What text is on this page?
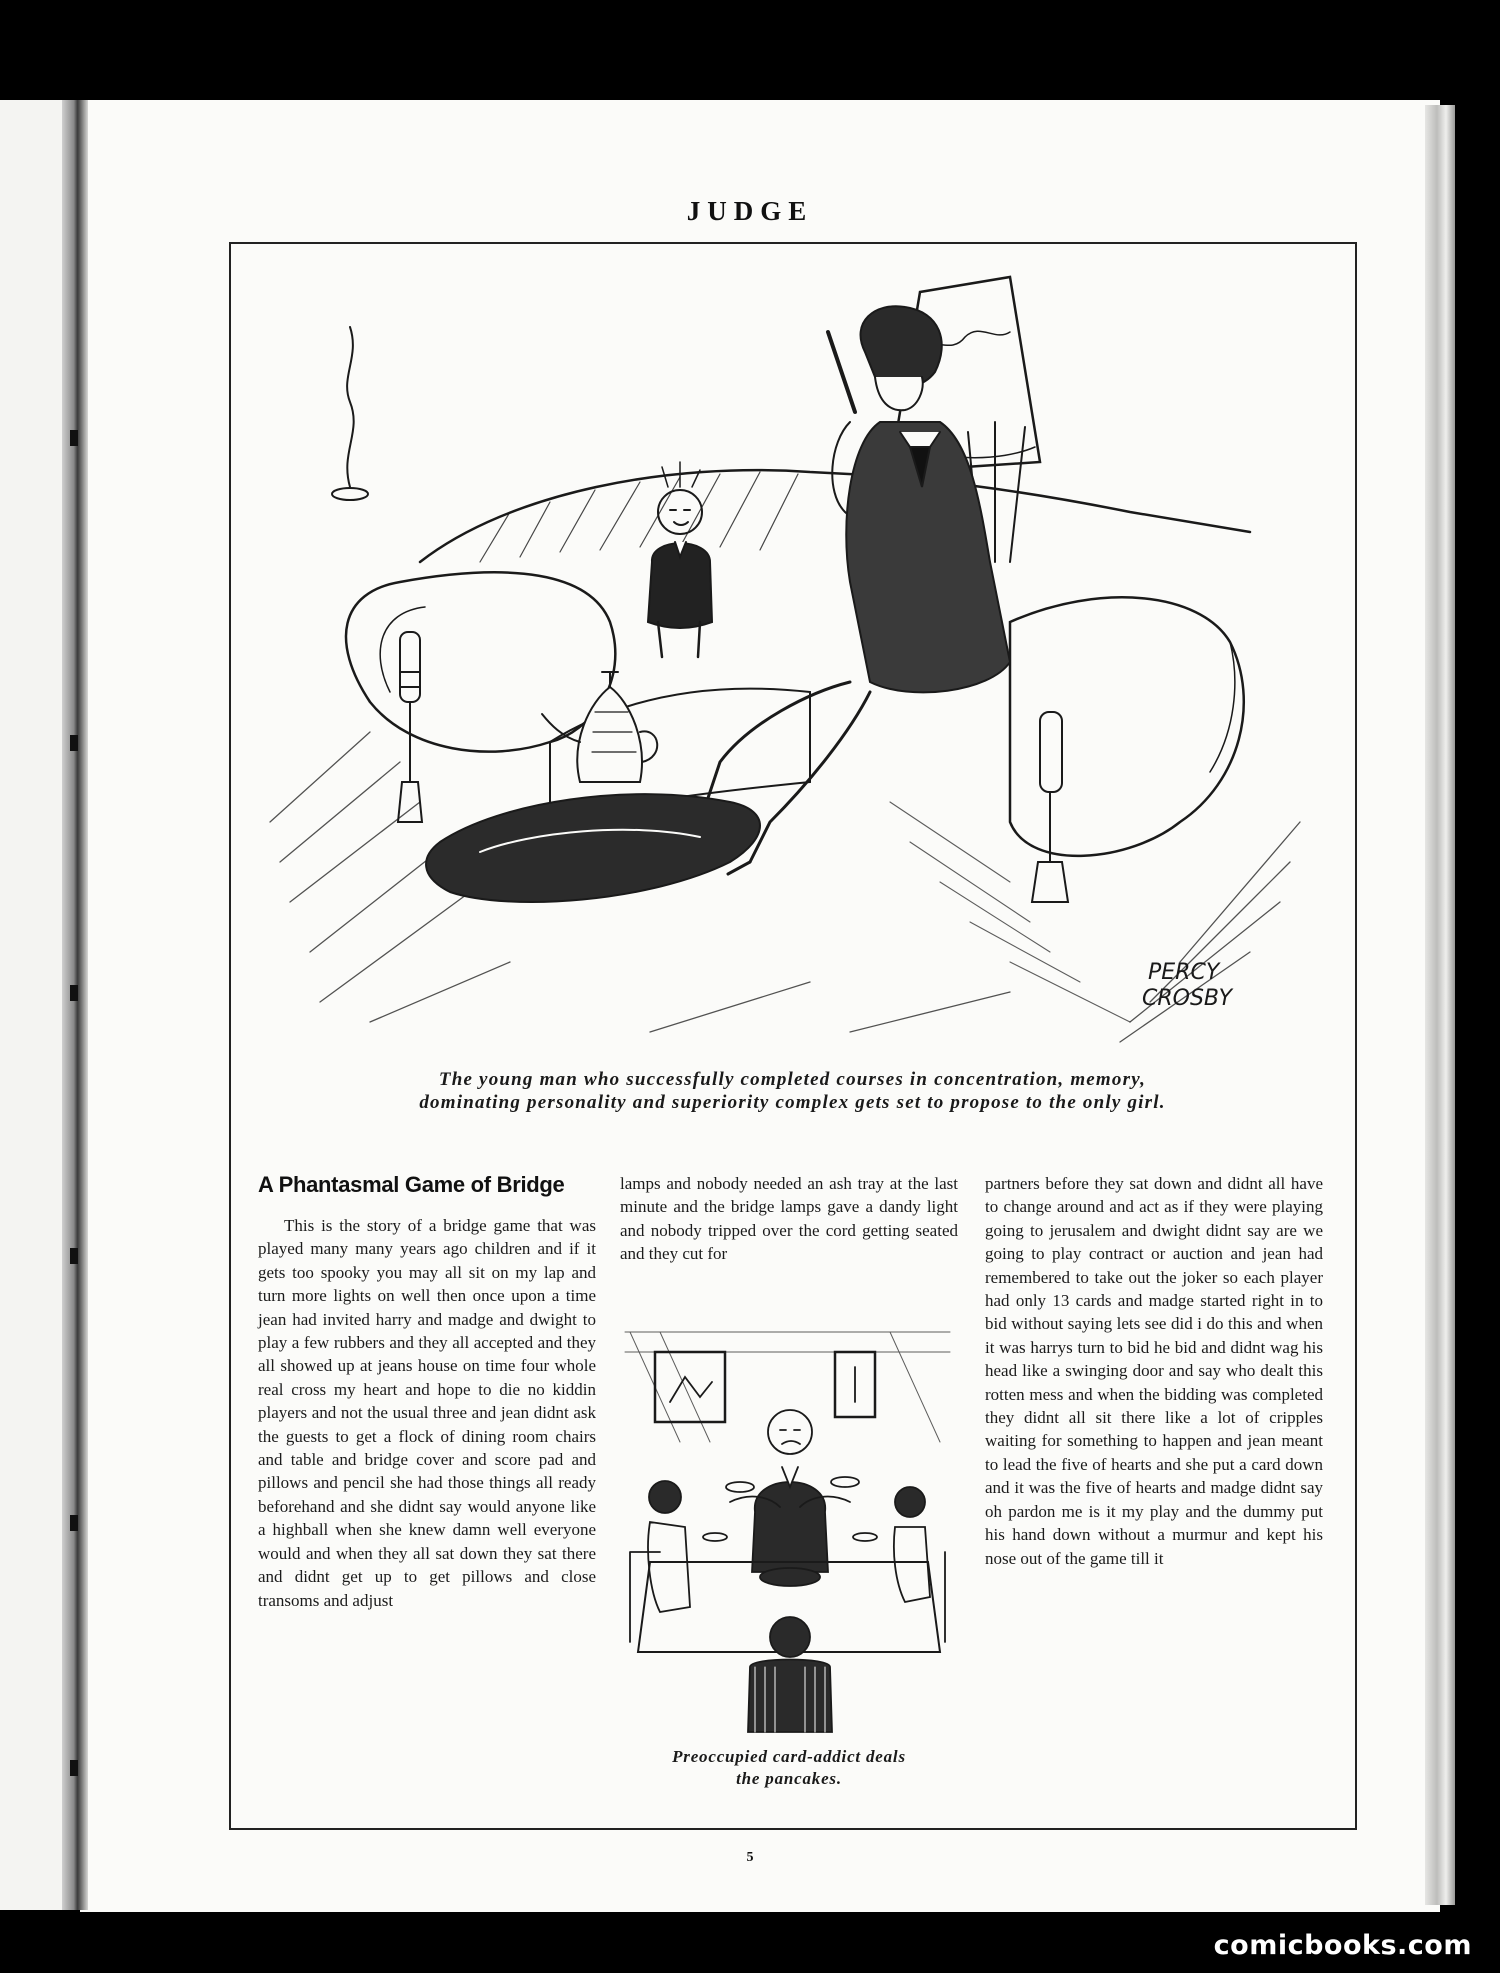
JUDGE
PERCY
CROSBY
The young man who successfully completed courses in concentration, memory,
dominating personality and superiority complex gets set to propose to the only girl.
A Phantasmal Game of Bridge
This is the story of a bridge game that was played many many years ago children and if it gets too spooky you may all sit on my lap and turn more lights on well then once upon a time jean had invited harry and madge and dwight to play a few rubbers and they all accepted and they all showed up at jeans house on time four whole real cross my heart and hope to die no kiddin players and not the usual three and jean didnt ask the guests to get a flock of dining room chairs and table and bridge cover and score pad and pillows and pencil she had those things all ready beforehand and she didnt say would anyone like a highball when she knew damn well everyone would and when they all sat down they sat there and didnt get up to get pillows and close transoms and adjust
lamps and nobody needed an ash tray at the last minute and the bridge lamps gave a dandy light and nobody tripped over the cord getting seated and they cut for
partners before they sat down and didnt all have to change around and act as if they were playing going to jerusalem and dwight didnt say are we going to play contract or auction and jean had remembered to take out the joker so each player had only 13 cards and madge started right in to bid without saying lets see did i do this and when it was harrys turn to bid he bid and didnt wag his head like a swinging door and say who dealt this rotten mess and when the bidding was completed they didnt all sit there like a lot of cripples waiting for something to happen and jean meant to lead the five of hearts and she put a card down and it was the five of hearts and madge didnt say oh pardon me is it my play and the dummy put his hand down without a murmur and kept his nose out of the game till it
Preoccupied card-addict deals
the pancakes.
5
comicbooks.com
